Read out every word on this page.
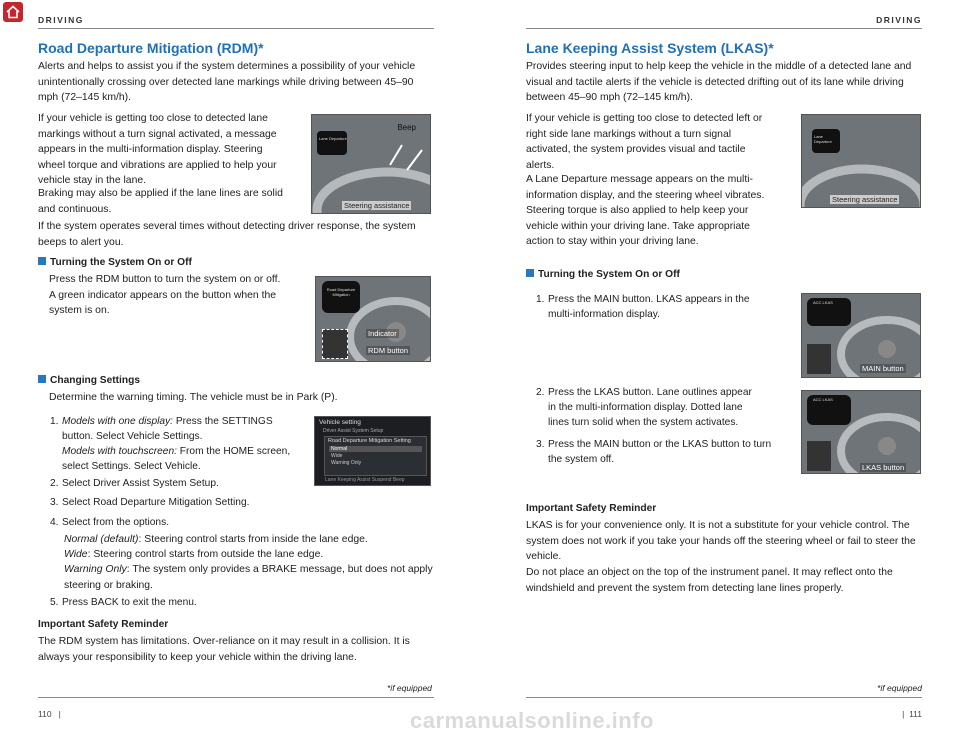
DRIVING
Road Departure Mitigation (RDM)*

Alerts and helps to assist you if the system determines a possibility of your vehicle unintentionally crossing over detected lane markings while driving between 45–90 mph (72–145 km/h).

If your vehicle is getting too close to detected lane markings without a turn signal activated, a message appears in the multi-information display. Steering wheel torque and vibrations are applied to help your vehicle stay in the lane.

Braking may also be applied if the lane lines are solid and continuous.

If the system operates several times without detecting driver response, the system beeps to alert you.

Lane Departure
Beep
Steering assistance
Turning the System On or Off

Press the RDM button to turn the system on or off. A green indicator appears on the button when the system is on.

Road Departure Mitigation
Indicator
RDM button
Changing Settings

Determine the warning timing. The vehicle must be in Park (P).

1. Models with one display: Press the SETTINGS button. Select Vehicle Settings.
Models with touchscreen: From the HOME screen, select Settings. Select Vehicle.
2. Select Driver Assist System Setup.
3. Select Road Departure Mitigation Setting.
4. Select from the options.
Normal (default): Steering control starts from inside the lane edge.
Wide: Steering control starts from outside the lane edge.
Warning Only: The system only provides a BRAKE message, but does not apply steering or braking.
5. Press BACK to exit the menu.
Vehicle setting
Driver Assist System Setup
Road Departure Mitigation Setting
Normal
Wide
Warning Only
Lane Keeping Assist Suspend Beep
Important Safety Reminder

The RDM system has limitations. Over-reliance on it may result in a collision. It is always your responsibility to keep your vehicle within the driving lane.

*if equipped
110   |
DRIVING
Lane Keeping Assist System (LKAS)*

Provides steering input to help keep the vehicle in the middle of a detected lane and visual and tactile alerts if the vehicle is detected drifting out of its lane while driving between 45–90 mph (72–145 km/h).

If your vehicle is getting too close to detected left or right side lane markings without a turn signal activated, the system provides visual and tactile alerts.

A Lane Departure message appears on the multi-information display, and the steering wheel vibrates. Steering torque is also applied to help keep your vehicle within your driving lane. Take appropriate action to stay within your driving lane.

Lane Departure
Steering assistance
Turning the System On or Off
1. Press the MAIN button. LKAS appears in the multi-information display.
2. Press the LKAS button. Lane outlines appear in the multi-information display. Dotted lane lines turn solid when the system activates.
3. Press the MAIN button or the LKAS button to turn the system off.
ACC LKAS
MAIN button
ACC LKAS
LKAS button
Important Safety Reminder

LKAS is for your convenience only. It is not a substitute for your vehicle control. The system does not work if you take your hands off the steering wheel or fail to steer the vehicle.

Do not place an object on the top of the instrument panel. It may reflect onto the windshield and prevent the system from detecting lane lines properly.

*if equipped
|  111
carmanualsonline.info
